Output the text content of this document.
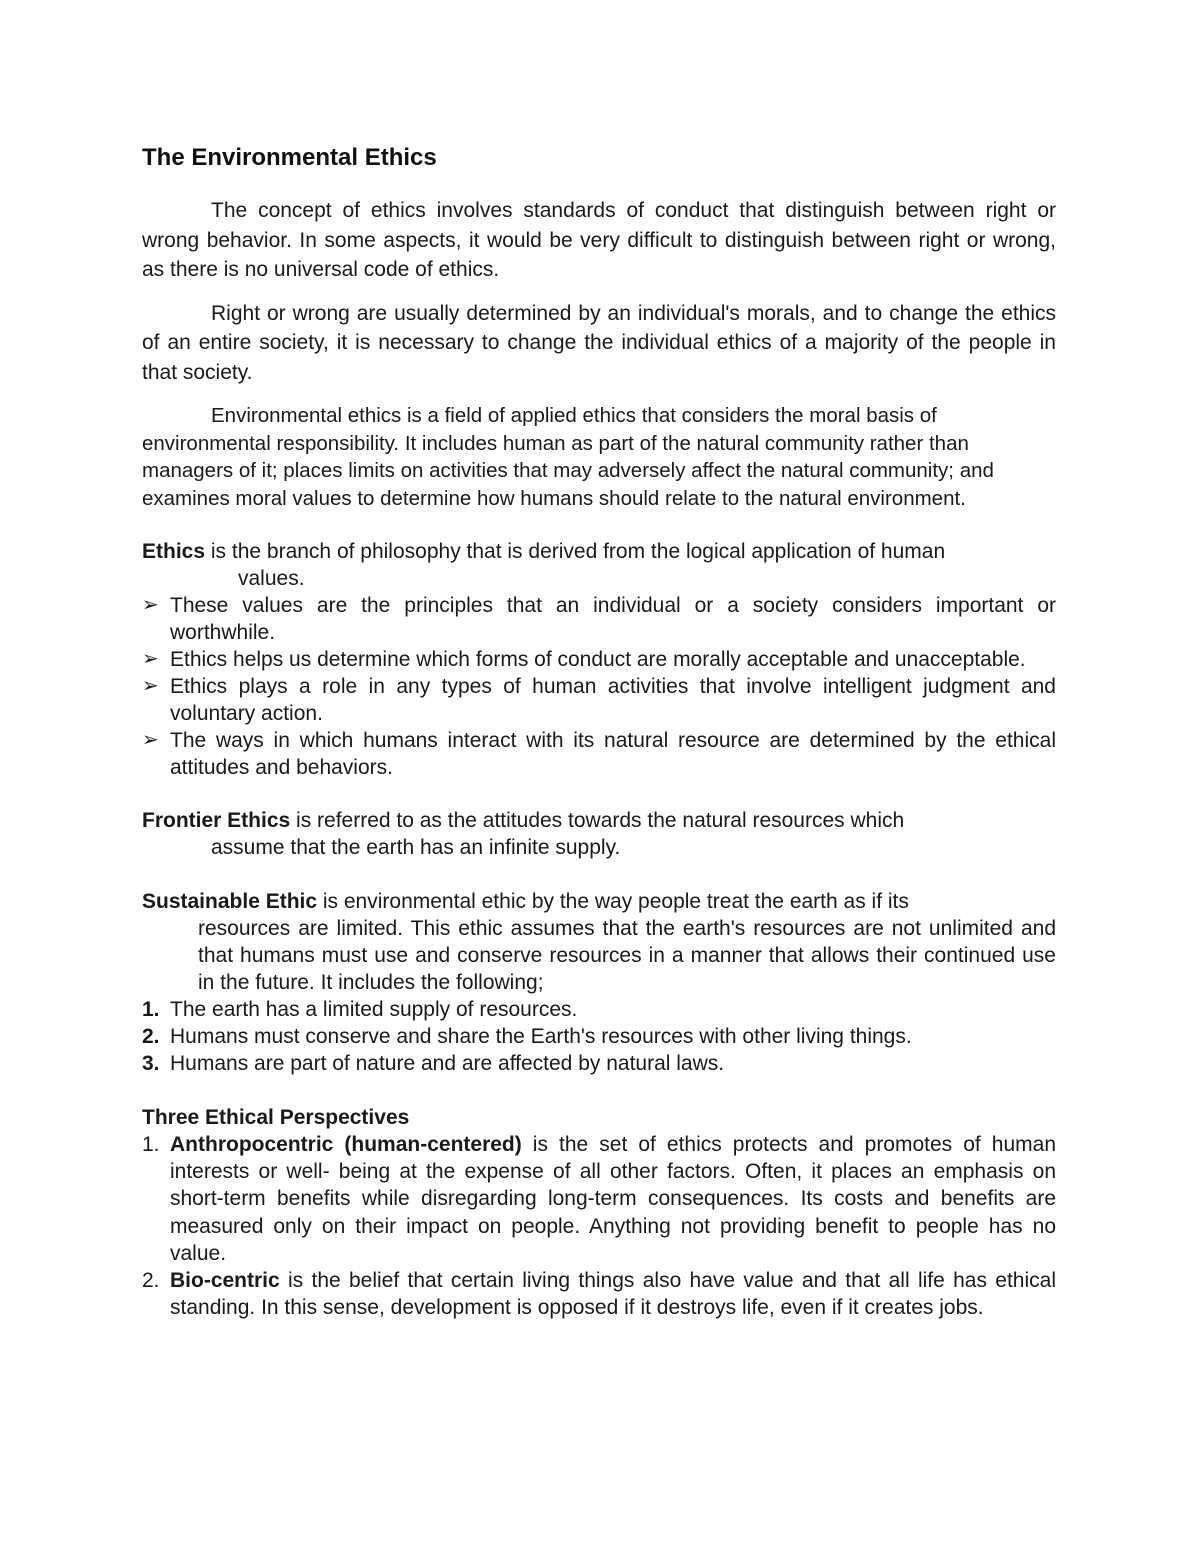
The Environmental Ethics

The concept of ethics involves standards of conduct that distinguish between right or wrong behavior. In some aspects, it would be very difficult to distinguish between right or wrong, as there is no universal code of ethics.

Right or wrong are usually determined by an individual's morals, and to change the ethics of an entire society, it is necessary to change the individual ethics of a majority of the people in that society.

Environmental ethics is a field of applied ethics that considers the moral basis of environmental responsibility. It includes human as part of the natural community rather than managers of it; places limits on activities that may adversely affect the natural community; and examines moral values to determine how humans should relate to the natural environment.

Ethics is the branch of philosophy that is derived from the logical application of human
values.
➢ These values are the principles that an individual or a society considers important or worthwhile.
➢ Ethics helps us determine which forms of conduct are morally acceptable and unacceptable.
➢ Ethics plays a role in any types of human activities that involve intelligent judgment and voluntary action.
➢ The ways in which humans interact with its natural resource are determined by the ethical attitudes and behaviors.
Frontier Ethics is referred to as the attitudes towards the natural resources which
assume that the earth has an infinite supply.
Sustainable Ethic is environmental ethic by the way people treat the earth as if its
resources are limited. This ethic assumes that the earth's resources are not unlimited and that humans must use and conserve resources in a manner that allows their continued use in the future. It includes the following;
1. The earth has a limited supply of resources.
2. Humans must conserve and share the Earth's resources with other living things.
3. Humans are part of nature and are affected by natural laws.
Three Ethical Perspectives
1. Anthropocentric (human-centered) is the set of ethics protects and promotes of human interests or well- being at the expense of all other factors. Often, it places an emphasis on short-term benefits while disregarding long-term consequences. Its costs and benefits are measured only on their impact on people. Anything not providing benefit to people has no value.
2. Bio-centric is the belief that certain living things also have value and that all life has ethical standing. In this sense, development is opposed if it destroys life, even if it creates jobs.
